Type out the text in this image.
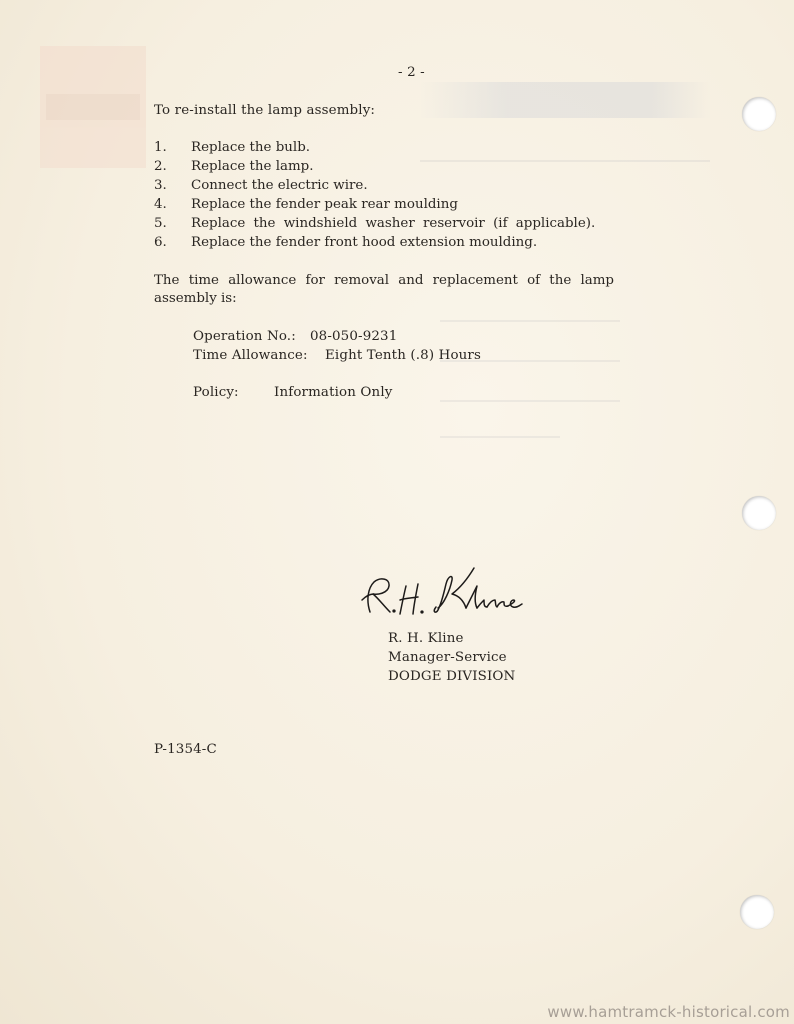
- 2 -
To re-install the lamp assembly:
1. Replace the bulb.
2. Replace the lamp.
3. Connect the electric wire.
4. Replace the fender peak rear moulding
5. Replace the windshield washer reservoir (if applicable).
6. Replace the fender front hood extension moulding.
The time allowance for removal and replacement of the lamp assembly is:
Operation No.: 08-050-9231
Time Allowance: Eight Tenth (.8) Hours
Policy:	Information Only
R. H. Kline
Manager-Service
DODGE DIVISION
P-1354-C
www.hamtramck-historical.com
